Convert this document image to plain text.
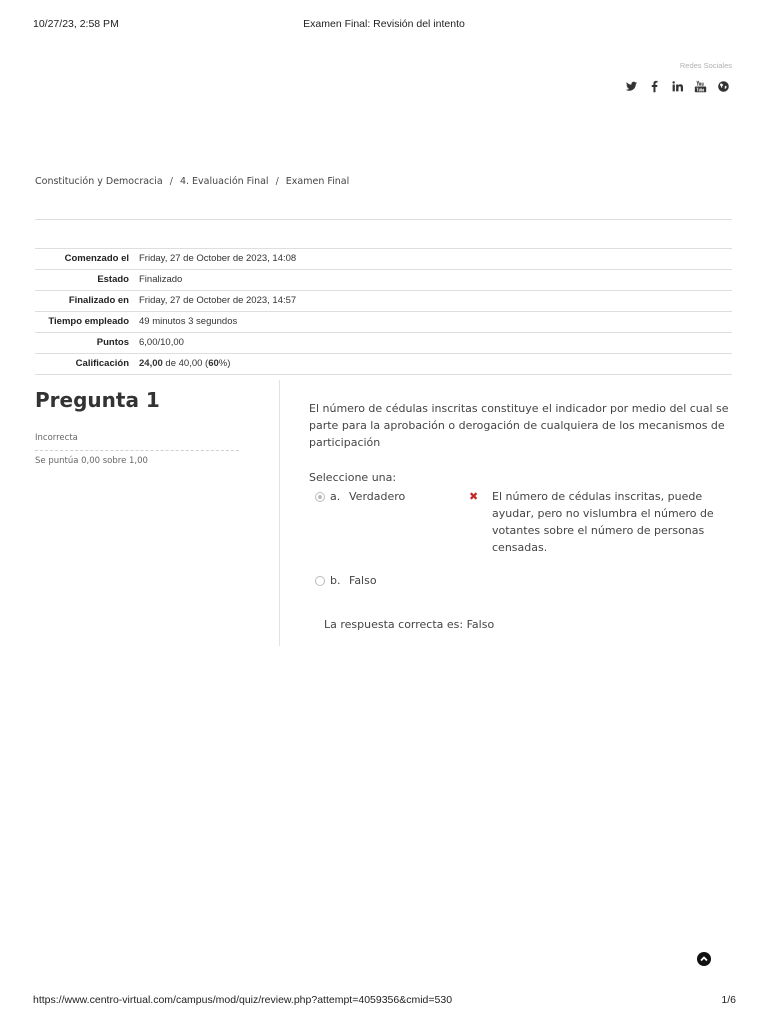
10/27/23, 2:58 PM	Examen Final: Revisión del intento
Redes Sociales
Constitución y Democracia / 4. Evaluación Final / Examen Final
Comenzado el	Friday, 27 de October de 2023, 14:08
Estado	Finalizado
Finalizado en	Friday, 27 de October de 2023, 14:57
Tiempo empleado	49 minutos 3 segundos
Puntos	6,00/10,00
Calificación	24,00 de 40,00 (60%)
Pregunta 1
Incorrecta
Se puntúa 0,00 sobre 1,00

El número de cédulas inscritas constituye el indicador por medio del cual se parte para la aprobación o derogación de cualquiera de los mecanismos de participación

Seleccione una:
a. Verdadero	✖ El número de cédulas inscritas, puede ayudar, pero no vislumbra el número de votantes sobre el número de personas censadas.
b. Falso
La respuesta correcta es: Falso
https://www.centro-virtual.com/campus/mod/quiz/review.php?attempt=4059356&cmid=530	1/6
